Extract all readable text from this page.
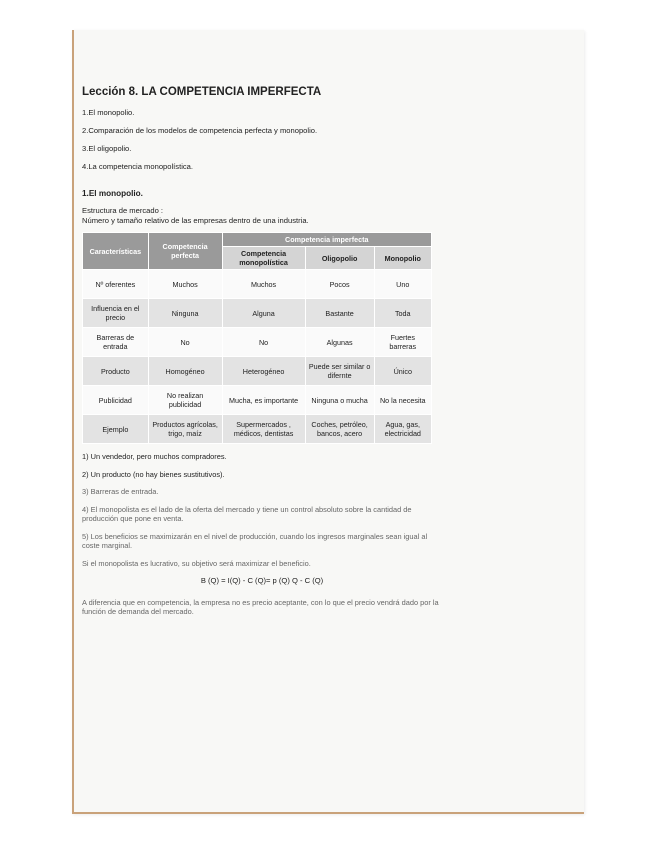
Lección 8. LA COMPETENCIA IMPERFECTA
1.El monopolio.
2.Comparación de los modelos de competencia perfecta y monopolio.
3.El oligopolio.
4.La competencia monopolística.
1.El monopolio.
Estructura de mercado :
Número y tamaño relativo de las empresas dentro de una industria.
Características	Competencia perfecta	Competencia imperfecta		
		Competencia monopolística	Oligopolio	Monopolio
Nº oferentes	Muchos	Muchos	Pocos	Uno
Influencia en el precio	Ninguna	Alguna	Bastante	Toda
Barreras de entrada	No	No	Algunas	Fuertes barreras
Producto	Homogéneo	Heterogéneo	Puede ser similar o difernte	Único
Publicidad	No realizan publicidad	Mucha, es importante	Ninguna o mucha	No la necesita
Ejemplo	Productos agrícolas, trigo, maíz	Supermercados , médicos, dentistas	Coches, petróleo, bancos, acero	Agua, gas, electricidad

1) Un vendedor, pero muchos compradores.

2) Un producto (no hay bienes sustitutivos).

3) Barreras de entrada.

4) El monopolista es el lado de la oferta del mercado y tiene un control absoluto sobre la cantidad de producción que pone en venta.

5) Los beneficios se maximizarán en el nivel de producción, cuando los ingresos marginales sean igual al coste marginal.

Si el monopolista es lucrativo, su objetivo será maximizar el beneficio.

B (Q) = I(Q) - C (Q)= p (Q) Q - C (Q)

A diferencia que en competencia, la empresa no es precio aceptante, con lo que el precio vendrá dado por la función de demanda del mercado.
